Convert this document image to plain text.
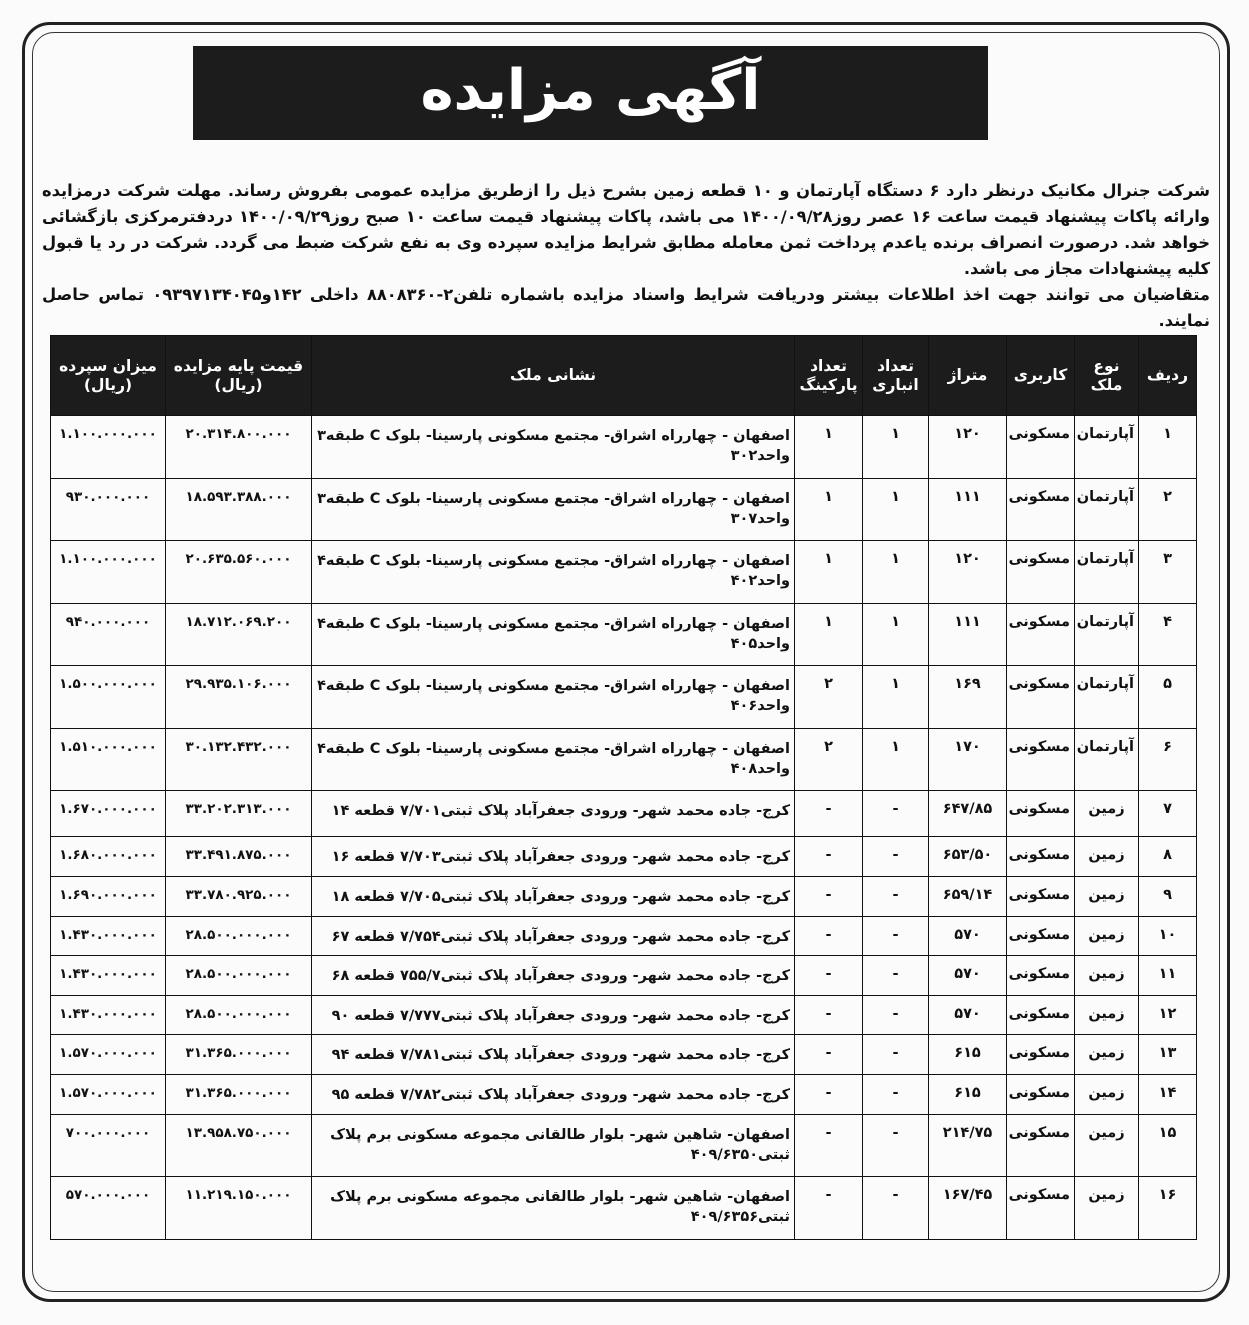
آگهی مزایده

شرکت جنرال مکانیک درنظر دارد ۶ دستگاه آپارتمان و ۱۰ قطعه زمین بشرح ذیل را ازطریق مزایده عمومی بفروش رساند. مهلت شرکت درمزایده وارائه پاکات پیشنهاد قیمت ساعت ۱۶ عصر روز۱۴۰۰/۰۹/۲۸ می باشد، پاکات پیشنهاد قیمت ساعت ۱۰ صبح روز۱۴۰۰/۰۹/۲۹ دردفترمرکزی بازگشائی خواهد شد. درصورت انصراف برنده یاعدم پرداخت ثمن معامله مطابق شرایط مزایده سپرده وی به نفع شرکت ضبط می گردد. شرکت در رد یا قبول کلیه پیشنهادات مجاز می باشد.

متقاضیان می توانند جهت اخذ اطلاعات بیشتر ودریافت شرایط واسناد مزایده باشماره تلفن۲-۸۸۰۸۳۶۰ داخلی ۱۴۲و۰۹۳۹۷۱۳۴۰۴۵ تماس حاصل نمایند.

ردیف	نوع ملک	کاربری	متراژ	تعداد انباری	تعداد پارکینگ	نشانی ملک	قیمت پایه مزایده (ریال)	میزان سپرده (ریال)
۱	آپارتمان	مسکونی	۱۲۰	۱	۱	اصفهان - چهارراه اشراق- مجتمع مسکونی پارسینا- بلوک C طبقه۳ واحد۳۰۲	۲۰.۳۱۴.۸۰۰.۰۰۰	۱.۱۰۰.۰۰۰.۰۰۰
۲	آپارتمان	مسکونی	۱۱۱	۱	۱	اصفهان - چهارراه اشراق- مجتمع مسکونی پارسینا- بلوک C طبقه۳ واحد۳۰۷	۱۸.۵۹۳.۳۸۸.۰۰۰	۹۳۰.۰۰۰.۰۰۰
۳	آپارتمان	مسکونی	۱۲۰	۱	۱	اصفهان - چهارراه اشراق- مجتمع مسکونی پارسینا- بلوک C طبقه۴ واحد۴۰۲	۲۰.۶۳۵.۵۶۰.۰۰۰	۱.۱۰۰.۰۰۰.۰۰۰
۴	آپارتمان	مسکونی	۱۱۱	۱	۱	اصفهان - چهارراه اشراق- مجتمع مسکونی پارسینا- بلوک C طبقه۴ واحد۴۰۵	۱۸.۷۱۲.۰۶۹.۲۰۰	۹۴۰.۰۰۰.۰۰۰
۵	آپارتمان	مسکونی	۱۶۹	۱	۲	اصفهان - چهارراه اشراق- مجتمع مسکونی پارسینا- بلوک C طبقه۴ واحد۴۰۶	۲۹.۹۳۵.۱۰۶.۰۰۰	۱.۵۰۰.۰۰۰.۰۰۰
۶	آپارتمان	مسکونی	۱۷۰	۱	۲	اصفهان - چهارراه اشراق- مجتمع مسکونی پارسینا- بلوک C طبقه۴ واحد۴۰۸	۳۰.۱۳۲.۴۳۲.۰۰۰	۱.۵۱۰.۰۰۰.۰۰۰
۷	زمین	مسکونی	۶۴۷/۸۵	-	-	کرج- جاده محمد شهر- ورودی جعفرآباد پلاک ثبتی۷/۷۰۱ قطعه ۱۴	۳۳.۲۰۲.۳۱۳.۰۰۰	۱.۶۷۰.۰۰۰.۰۰۰
۸	زمین	مسکونی	۶۵۳/۵۰	-	-	کرج- جاده محمد شهر- ورودی جعفرآباد پلاک ثبتی۷/۷۰۳ قطعه ۱۶	۳۳.۴۹۱.۸۷۵.۰۰۰	۱.۶۸۰.۰۰۰.۰۰۰
۹	زمین	مسکونی	۶۵۹/۱۴	-	-	کرج- جاده محمد شهر- ورودی جعفرآباد پلاک ثبتی۷/۷۰۵ قطعه ۱۸	۳۳.۷۸۰.۹۲۵.۰۰۰	۱.۶۹۰.۰۰۰.۰۰۰
۱۰	زمین	مسکونی	۵۷۰	-	-	کرج- جاده محمد شهر- ورودی جعفرآباد پلاک ثبتی۷/۷۵۴ قطعه ۶۷	۲۸.۵۰۰.۰۰۰.۰۰۰	۱.۴۳۰.۰۰۰.۰۰۰
۱۱	زمین	مسکونی	۵۷۰	-	-	کرج- جاده محمد شهر- ورودی جعفرآباد پلاک ثبتی۷۵۵/۷ قطعه ۶۸	۲۸.۵۰۰.۰۰۰.۰۰۰	۱.۴۳۰.۰۰۰.۰۰۰
۱۲	زمین	مسکونی	۵۷۰	-	-	کرج- جاده محمد شهر- ورودی جعفرآباد پلاک ثبتی۷/۷۷۷ قطعه ۹۰	۲۸.۵۰۰.۰۰۰.۰۰۰	۱.۴۳۰.۰۰۰.۰۰۰
۱۳	زمین	مسکونی	۶۱۵	-	-	کرج- جاده محمد شهر- ورودی جعفرآباد پلاک ثبتی۷/۷۸۱ قطعه ۹۴	۳۱.۳۶۵.۰۰۰.۰۰۰	۱.۵۷۰.۰۰۰.۰۰۰
۱۴	زمین	مسکونی	۶۱۵	-	-	کرج- جاده محمد شهر- ورودی جعفرآباد پلاک ثبتی۷/۷۸۲ قطعه ۹۵	۳۱.۳۶۵.۰۰۰.۰۰۰	۱.۵۷۰.۰۰۰.۰۰۰
۱۵	زمین	مسکونی	۲۱۴/۷۵	-	-	اصفهان- شاهین شهر- بلوار طالقانی مجموعه مسکونی برم پلاک ثبتی۴۰۹/۶۳۵۰	۱۳.۹۵۸.۷۵۰.۰۰۰	۷۰۰.۰۰۰.۰۰۰
۱۶	زمین	مسکونی	۱۶۷/۴۵	-	-	اصفهان- شاهین شهر- بلوار طالقانی مجموعه مسکونی برم پلاک ثبتی۴۰۹/۶۳۵۶	۱۱.۲۱۹.۱۵۰.۰۰۰	۵۷۰.۰۰۰.۰۰۰
